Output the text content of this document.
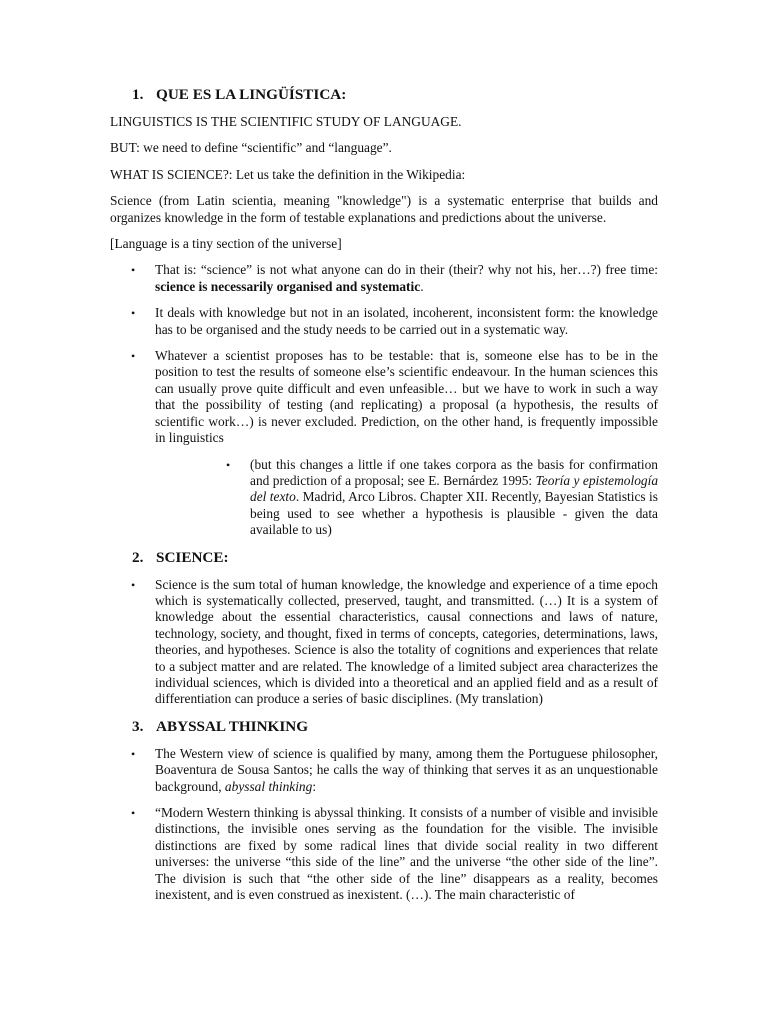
1. QUE ES LA LINGÜÍSTICA:

LINGUISTICS IS THE SCIENTIFIC STUDY OF LANGUAGE.

BUT: we need to define “scientific” and “language”.

WHAT IS SCIENCE?: Let us take the definition in the Wikipedia:

Science (from Latin scientia, meaning "knowledge") is a systematic enterprise that builds and organizes knowledge in the form of testable explanations and predictions about the universe.

[Language is a tiny section of the universe]

• That is: “science” is not what anyone can do in their (their? why not his, her…?) free time: science is necessarily organised and systematic.
• It deals with knowledge but not in an isolated, incoherent, inconsistent form: the knowledge has to be organised and the study needs to be carried out in a systematic way.
• Whatever a scientist proposes has to be testable: that is, someone else has to be in the position to test the results of someone else’s scientific endeavour. In the human sciences this can usually prove quite difficult and even unfeasible… but we have to work in such a way that the possibility of testing (and replicating) a proposal (a hypothesis, the results of scientific work…) is never excluded. Prediction, on the other hand, is frequently impossible in linguistics
• (but this changes a little if one takes corpora as the basis for confirmation and prediction of a proposal; see E. Bernárdez 1995: Teoría y epistemología del texto. Madrid, Arco Libros. Chapter XII. Recently, Bayesian Statistics is being used to see whether a hypothesis is plausible - given the data available to us)
2. SCIENCE:
• Science is the sum total of human knowledge, the knowledge and experience of a time epoch which is systematically collected, preserved, taught, and transmitted. (…) It is a system of knowledge about the essential characteristics, causal connections and laws of nature, technology, society, and thought, fixed in terms of concepts, categories, determinations, laws, theories, and hypotheses. Science is also the totality of cognitions and experiences that relate to a subject matter and are related. The knowledge of a limited subject area characterizes the individual sciences, which is divided into a theoretical and an applied field and as a result of differentiation can produce a series of basic disciplines. (My translation)
3. ABYSSAL THINKING
• The Western view of science is qualified by many, among them the Portuguese philosopher, Boaventura de Sousa Santos; he calls the way of thinking that serves it as an unquestionable background, abyssal thinking:
• “Modern Western thinking is abyssal thinking. It consists of a number of visible and invisible distinctions, the invisible ones serving as the foundation for the visible. The invisible distinctions are fixed by some radical lines that divide social reality in two different universes: the universe “this side of the line” and the universe “the other side of the line”. The division is such that “the other side of the line” disappears as a reality, becomes inexistent, and is even construed as inexistent. (…). The main characteristic of
